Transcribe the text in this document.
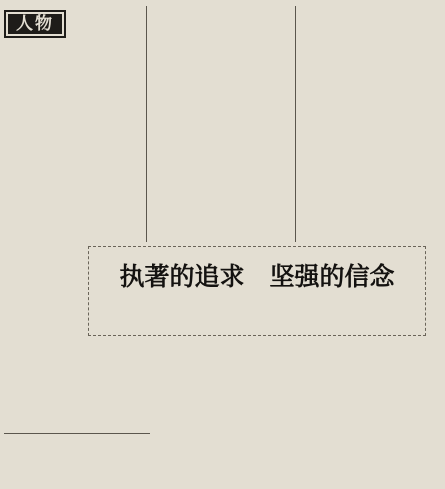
人物
执著的追求　坚强的信念
